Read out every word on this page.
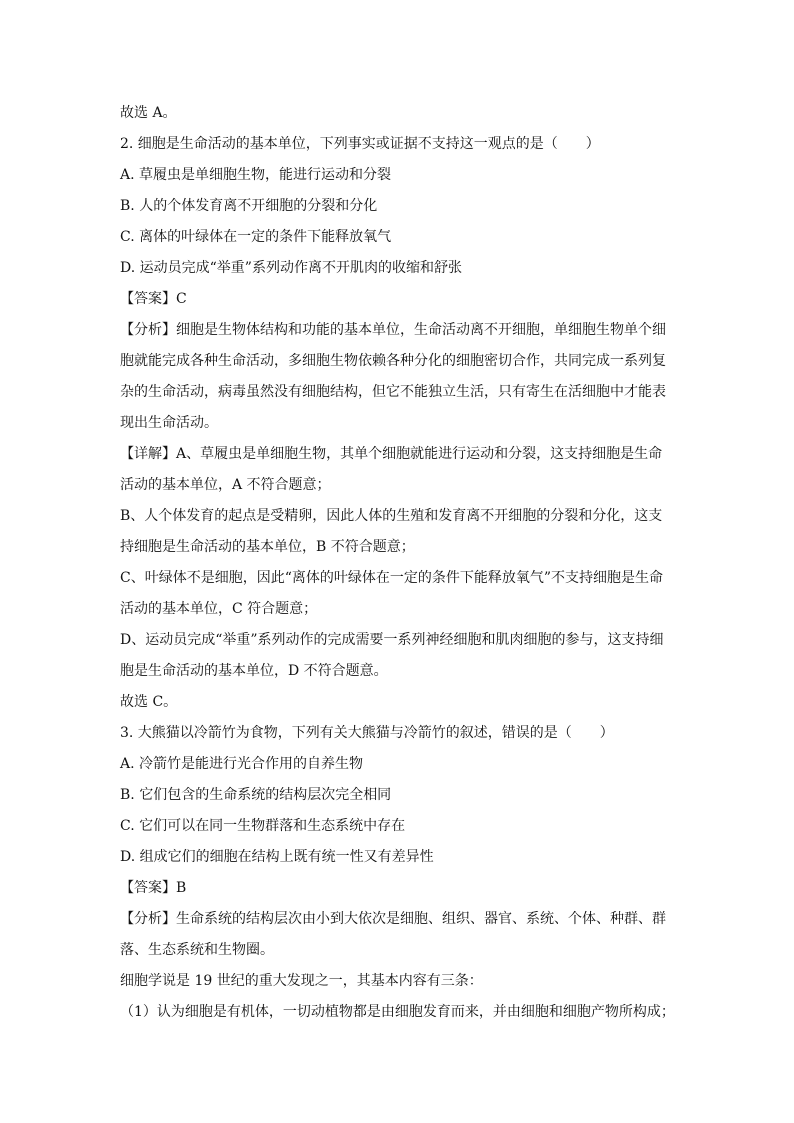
故选 A。
2. 细胞是生命活动的基本单位，下列事实或证据不支持这一观点的是（　　）
A. 草履虫是单细胞生物，能进行运动和分裂
B. 人的个体发育离不开细胞的分裂和分化
C. 离体的叶绿体在一定的条件下能释放氧气
D. 运动员完成“举重”系列动作离不开肌肉的收缩和舒张
【答案】C
【分析】细胞是生物体结构和功能的基本单位，生命活动离不开细胞，单细胞生物单个细
胞就能完成各种生命活动，多细胞生物依赖各种分化的细胞密切合作，共同完成一系列复
杂的生命活动，病毒虽然没有细胞结构，但它不能独立生活，只有寄生在活细胞中才能表
现出生命活动。
【详解】A、草履虫是单细胞生物，其单个细胞就能进行运动和分裂，这支持细胞是生命
活动的基本单位，A 不符合题意；
B、人个体发育的起点是受精卵，因此人体的生殖和发育离不开细胞的分裂和分化，这支
持细胞是生命活动的基本单位，B 不符合题意；
C、叶绿体不是细胞，因此“离体的叶绿体在一定的条件下能释放氧气”不支持细胞是生命
活动的基本单位，C 符合题意；
D、运动员完成“举重”系列动作的完成需要一系列神经细胞和肌肉细胞的参与，这支持细
胞是生命活动的基本单位，D 不符合题意。
故选 C。
3. 大熊猫以冷箭竹为食物，下列有关大熊猫与冷箭竹的叙述，错误的是（　　）
A. 冷箭竹是能进行光合作用的自养生物
B. 它们包含的生命系统的结构层次完全相同
C. 它们可以在同一生物群落和生态系统中存在
D. 组成它们的细胞在结构上既有统一性又有差异性
【答案】B
【分析】生命系统的结构层次由小到大依次是细胞、组织、器官、系统、个体、种群、群
落、生态系统和生物圈。
细胞学说是 19 世纪的重大发现之一，其基本内容有三条：
（1）认为细胞是有机体，一切动植物都是由细胞发育而来，并由细胞和细胞产物所构成；
